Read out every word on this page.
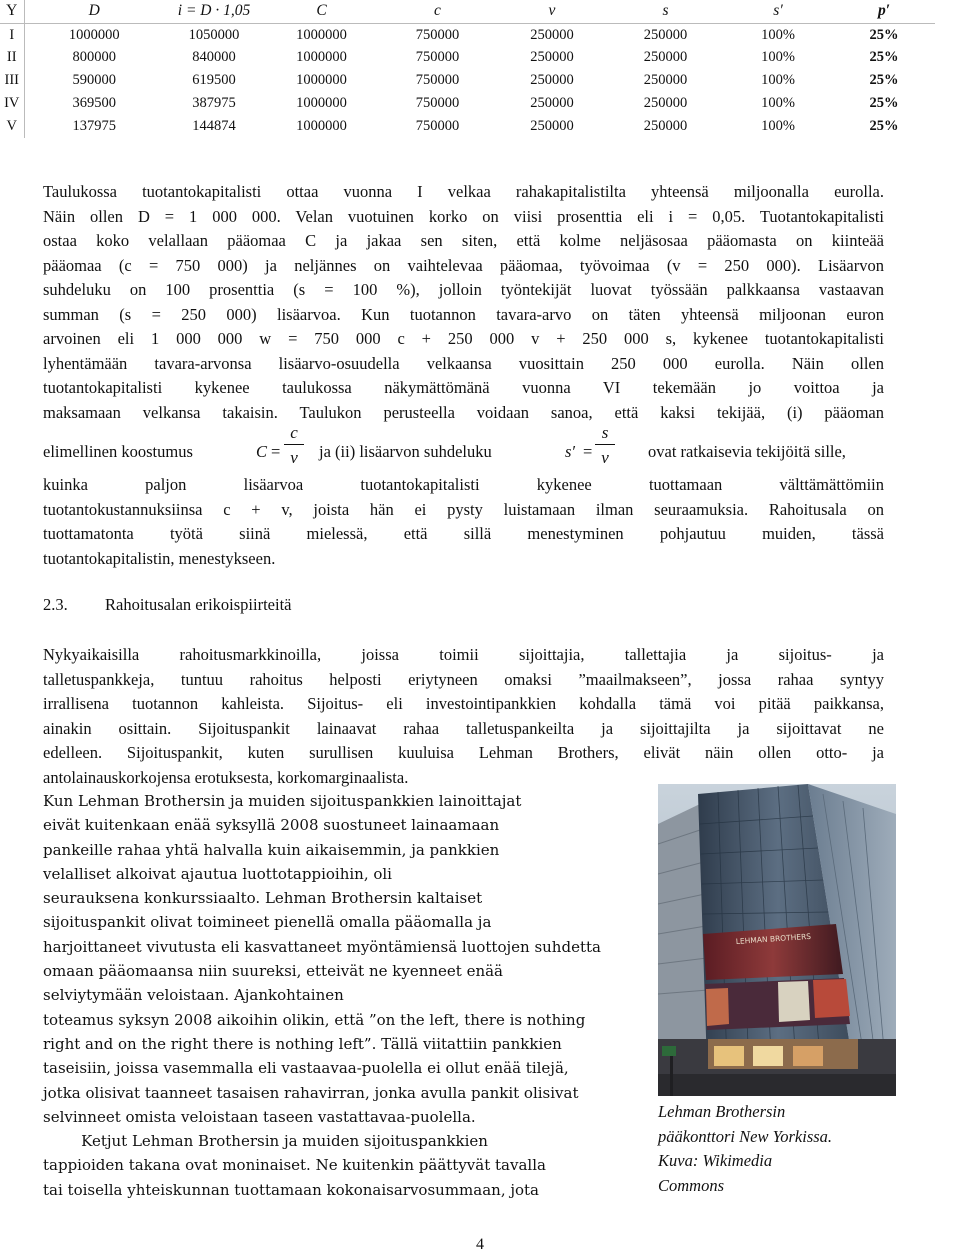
Y	D	i = D · 1,05	C	c	v	s	s′	p′
I	1000000	1050000	1000000	750000	250000	250000	100%	25%
II	800000	840000	1000000	750000	250000	250000	100%	25%
III	590000	619500	1000000	750000	250000	250000	100%	25%
IV	369500	387975	1000000	750000	250000	250000	100%	25%
V	137975	144874	1000000	750000	250000	250000	100%	25%
Taulukossa tuotantokapitalisti ottaa vuonna I velkaa rahakapitalistilta yhteensä miljoonalla eurolla.
Näin ollen D = 1 000 000. Velan vuotuinen korko on viisi prosenttia eli i = 0,05. Tuotantokapitalisti
ostaa koko velallaan pääomaa C ja jakaa sen siten, että kolme neljäsosaa pääomasta on kiinteää
pääomaa (c = 750 000) ja neljännes on vaihtelevaa pääomaa, työvoimaa (v = 250 000). Lisäarvon
suhdeluku on 100 prosenttia (s = 100 %), jolloin työntekijät luovat työssään palkkaansa vastaavan
summan (s = 250 000) lisäarvoa. Kun tuotannon tavara-arvo on täten yhteensä miljoonan euron
arvoinen eli 1 000 000 w = 750 000 c + 250 000 v + 250 000 s, kykenee tuotantokapitalisti
lyhentämään tavara-arvonsa lisäarvo-osuudella velkaansa vuosittain 250 000 eurolla. Näin ollen
tuotantokapitalisti kykenee taulukossa näkymättömänä vuonna VI tekemään jo voittoa ja
maksamaan velkansa takaisin. Taulukon perusteella voidaan sanoa, että kaksi tekijää, (i) pääoman
elimellinen koostumus	$C = \frac{c}{v}$ ja (ii) lisäarvon suhdeluku	$s' = \frac{s}{v}$ ovat ratkaisevia tekijöitä sille,
kuinka paljon lisäarvoa tuotantokapitalisti kykenee tuottamaan välttämättömiin
tuotantokustannuksiinsa c + v, joista hän ei pysty luistamaan ilman seuraamuksia. Rahoitusala on
tuottamatonta työtä siinä mielessä, että sillä menestyminen pohjautuu muiden, tässä
tuotantokapitalistin, menestykseen.
2.3. Rahoitusalan erikoispiirteitä
Nykyaikaisilla rahoitusmarkkinoilla, joissa toimii sijoittajia, tallettajia ja sijoitus- ja
talletuspankkeja, tuntuu rahoitus helposti eriytyneen omaksi ”maailmakseen”, jossa rahaa syntyy
irrallisena tuotannon kahleista. Sijoitus- eli investointipankkien kohdalla tämä voi pitää paikkansa,
ainakin osittain. Sijoituspankit lainaavat rahaa talletuspankeilta ja sijoittajilta ja sijoittavat ne
edelleen. Sijoituspankit, kuten surullisen kuuluisa Lehman Brothers, elivät näin ollen otto- ja
antolainauskorkojensa erotuksesta, korkomarginaalista.
Kun Lehman Brothersin ja muiden sijoituspankkien lainoittajat
eivät kuitenkaan enää syksyllä 2008 suostuneet lainaamaan
pankeille rahaa yhtä halvalla kuin aikaisemmin, ja pankkien
velalliset alkoivat ajautua luottotappioihin, oli
seurauksena konkurssiaalto. Lehman Brothersin kaltaiset
sijoituspankit olivat toimineet pienellä omalla pääomalla ja
harjoittaneet vivutusta eli kasvattaneet myöntämiensä luottojen suhdetta
omaan pääomaansa niin suureksi, etteivät ne kyenneet enää
selviytymään veloistaan. Ajankohtainen
toteamus syksyn 2008 aikoihin olikin, että ”on the left, there is nothing
right and on the right there is nothing left”. Tällä viitattiin pankkien
taseisiin, joissa vasemmalla eli vastaavaa-puolella ei ollut enää tilejä,
jotka olisivat taanneet tasaisen rahavirran, jonka avulla pankit olisivat
selvinneet omista veloistaan taseen vastattavaa-puolella.
Ketjut Lehman Brothersin ja muiden sijoituspankkien
tappioiden takana ovat moninaiset. Ne kuitenkin päättyvät tavalla
tai toisella yhteiskunnan tuottamaan kokonaisarvosummaan, jota
LEHMAN BROTHERS
Lehman Brothersin
pääkonttori New Yorkissa.
Kuva: Wikimedia
Commons
4
